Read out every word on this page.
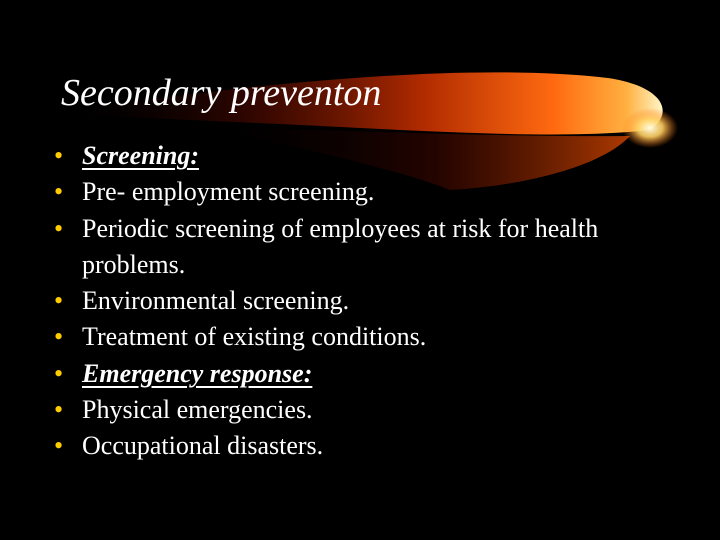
Secondary preventon
• Screening:
• Pre- employment screening.
• Periodic screening of employees at risk for health problems.
• Environmental screening.
• Treatment of existing conditions.
• Emergency response:
• Physical emergencies.
• Occupational disasters.
